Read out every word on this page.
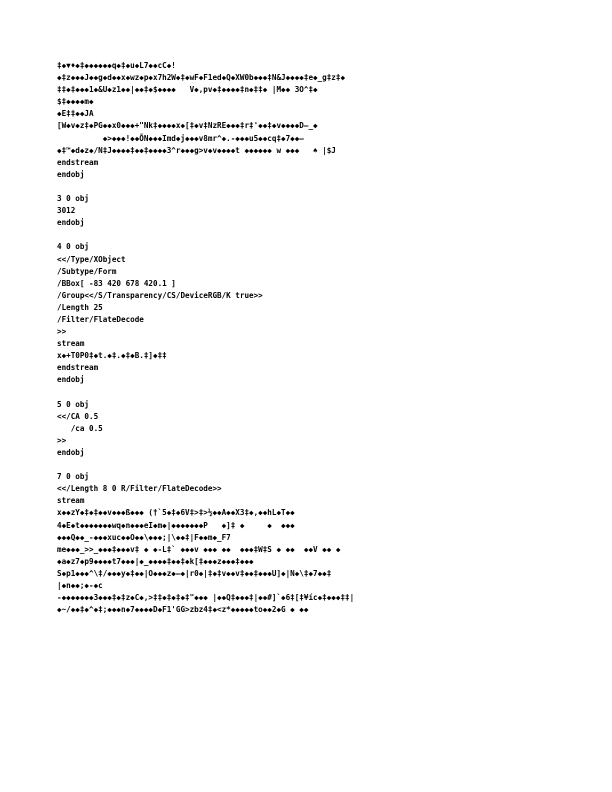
‡◆▼♦◆‡◆◆◆◆◆◆q◆‡◆u◆L7◆◆cC◆!
◆‡z◆◆◆J◆◆g◆d◆◆x◆wz◆p◆x7h2W◆‡◆wF◆F1ed◆Q◆XW0b◆◆◆‡N&J◆◆◆◆‡e◆_g‡z‡◆
‡‡◆‡◆◆◆1◆&U◆z1◆◆|◆◆‡◆$◆◆◆◆   V◆,pv◆‡◆◆◆◆‡n◆‡‡◆ |M◆◆ 3O^‡◆
$‡◆◆◆◆m◆
◆E‡‡◆◆JA
[W◆v◆z‡◆PG◆◆x0◆◆◆+"Nk‡◆◆◆◆x◆[‡◆v‡NzRE◆◆◆‡r‡'◆◆‡◆v◆◆◆◆D—_◆
◆>◆◆◆!◆◆ÕN◆◆◆Imd◆j◆◆◆v8mr^◆.-◆◆◆u5◆◆cq‡◆7◆◆—
◆‡™◆d◆z◆/N‡J◆◆◆◆‡◆◆‡◆◆◆◆3^r◆◆◆g>v◆v◆◆◆◆t ◆◆◆◆◆◆ w ◆◆◆   ♠ |$J
endstream
endobj
3 0 obj
3012
endobj
4 0 obj
<</Type/XObject
/Subtype/Form
/BBox[ -83 420 678 420.1 ]
/Group<</S/Transparency/CS/DeviceRGB/K true>>
/Length 25
/Filter/FlateDecode
>>
stream
x◆+T0P0‡◆t.◆‡.◆‡◆B.‡]◆‡‡
endstream
endobj
5 0 obj
<</CA 0.5
/ca 0.5
>>
endobj
7 0 obj
<</Length 8 0 R/Filter/FlateDecode>>
stream
x◆◆zY◆‡◆‡◆◆v◆◆◆ß◆◆◆ (†`5◆‡◆6V‡>‡>½◆◆A◆◆X3‡◆,◆◆hL◆T◆◆
4◆E◆t◆◆◆◆◆◆◆wq◆n◆◆◆eI◆m◆|◆◆◆◆◆◆◆P   ◆]‡ ◆     ◆  ◆◆◆
◆◆◆Q◆◆_-◆◆◆xuc◆◆O◆◆\◆◆◆;|\◆◆‡|F◆◆m◆_F7
me◆◆◆_>>_◆◆◆‡◆◆◆v‡ ◆ ◆-L‡` ◆◆◆v ◆◆◆ ◆◆  ◆◆◆‡W‡S ◆ ◆◆  ◆◆V ◆◆ ◆
◆a◆z7◆p9◆◆◆◆t7◆◆◆|◆_◆◆◆◆‡◆◆‡◆k[‡◆◆◆z◆◆◆‡◆◆◆
S◆p1◆◆◆^\‡/◆◆◆y◆‡◆◆|O◆◆◆z◆—◆|r0◆|‡◆‡v◆◆v‡◆◆‡◆◆◆U]◆|N◆\‡◆7◆◆‡
|◆n◆◆;◆-◆c
-◆◆◆◆◆◆◆3◆◆◆‡◆‡z◆C◆,>‡‡◆‡◆‡◆‡"◆◆◆ |◆◆Q‡◆◆◆‡|◆◆#]`◆6‡[‡¥íc◆‡◆◆◆‡‡|
◆~/◆◆‡◆^◆‡;◆◆◆n◆7◆◆◆◆D◆F1'GG>zbz4‡◆<z*◆◆◆◆◆to◆◆2◆G ◆ ◆◆
